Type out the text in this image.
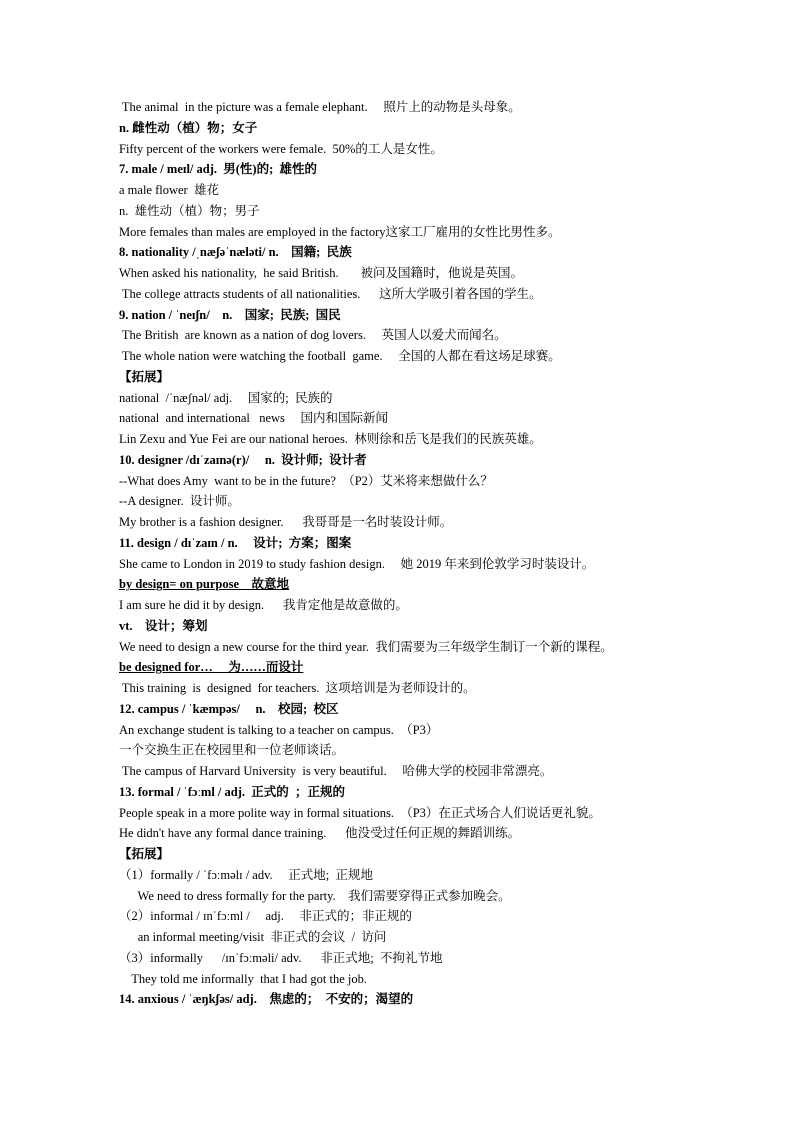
The animal  in the picture was a female elephant.     照片上的动物是头母象。
n. 雌性动（植）物；女子
Fifty percent of the workers were female.  50%的工人是女性。
7. male / meɪl/ adj.  男(性)的;  雄性的
a male flower  雄花
n.  雄性动（植）物；男子
More females than males are employed in the factory这家工厂雇用的女性比男性多。
8. nationality /ˌnæʃəˈnæləti/ n.    国籍;  民族
When asked his nationality,  he said British.       被问及国籍时，他说是英国。
The college attracts students of all nationalities.      这所大学吸引着各国的学生。
9. nation / ˈneɪʃn/    n.    国家;  民族;  国民
The British  are known as a nation of dog lovers.     英国人以爱犬而闻名。
The whole nation were watching the football  game.     全国的人都在看这场足球赛。
【拓展】
national  /ˈnæʃnəl/ adj.     国家的;  民族的
national  and international   news     国内和国际新闻
Lin Zexu and Yue Fei are our national heroes.  林则徐和岳飞是我们的民族英雄。
10. designer /dɪˈzaɪnə(r)/     n.  设计师;  设计者
--What does Amy  want to be in the future?  （P2）艾米将来想做什么？
--A designer.  设计师。
My brother is a fashion designer.      我哥哥是一名时装设计师。
11. design / dɪˈzaɪn / n.     设计;  方案；图案
She came to London in 2019 to study fashion design.     她 2019 年来到伦敦学习时装设计。
by design= on purpose    故意地
I am sure he did it by design.      我肯定他是故意做的。
vt.    设计；筹划
We need to design a new course for the third year.  我们需要为三年级学生制订一个新的课程。
be designed for…     为……而设计
This training  is  designed  for teachers.  这项培训是为老师设计的。
12. campus / ˈkæmpəs/     n.    校园;  校区
An exchange student is talking to a teacher on campus.  （P3）
一个交换生正在校园里和一位老师谈话。
The campus of Harvard University  is very beautiful.     哈佛大学的校园非常漂亮。
13. formal / ˈfɔːml / adj.  正式的  ；正规的
People speak in a more polite way in formal situations.  （P3）在正式场合人们说话更礼貌。
He didn't have any formal dance training.      他没受过任何正规的舞蹈训练。
【拓展】
（1）formally / ˈfɔːməlɪ / adv.     正式地;  正规地
We need to dress formally for the party.    我们需要穿得正式参加晚会。
（2）informal / ɪnˈfɔːml /     adj.     非正式的；非正规的
an informal meeting/visit  非正式的会议  /  访问
（3）informally      /ɪnˈfɔːməli/ adv.      非正式地;  不拘礼节地
They told me informally  that I had got the job.
14. anxious / ˈæŋkʃəs/ adj.    焦虑的；  不安的；渴望的
